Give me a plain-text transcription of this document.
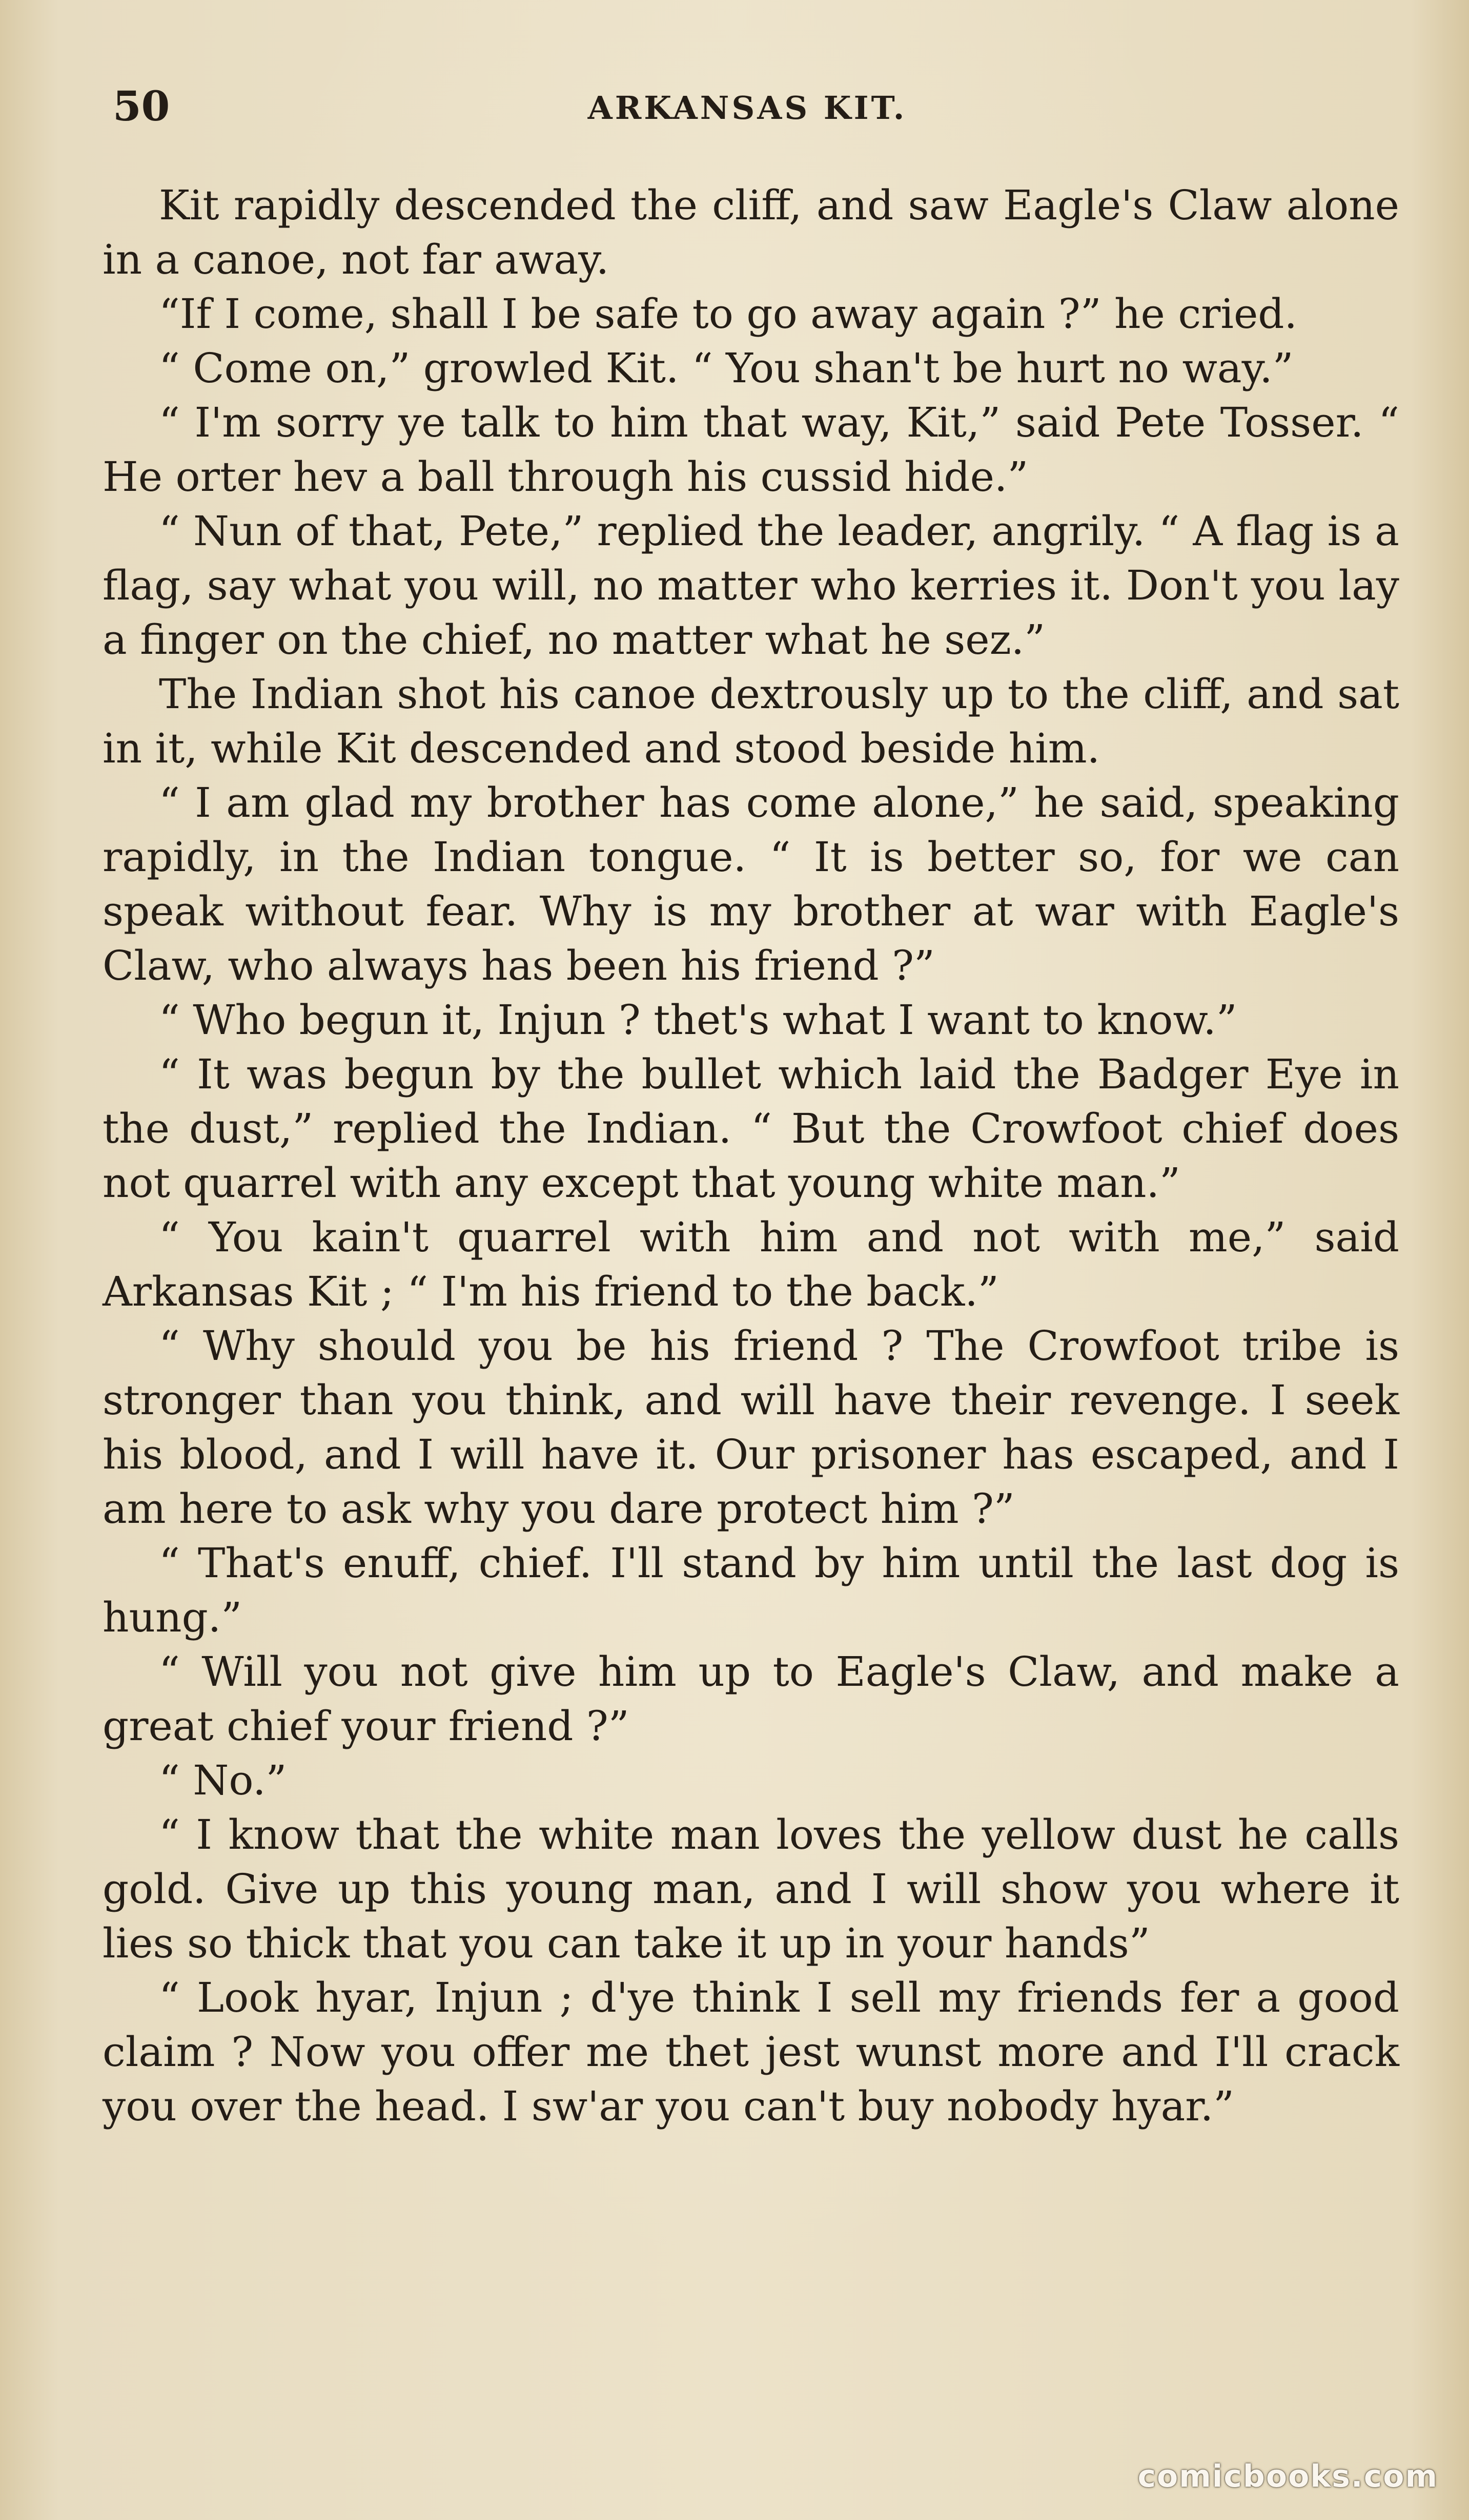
50	ARKANSAS KIT.

Kit rapidly descended the cliff, and saw Eagle's Claw alone in a canoe, not far away.

“If I come, shall I be safe to go away again ?” he cried.

“ Come on,” growled Kit. “ You shan't be hurt no way.”

“ I'm sorry ye talk to him that way, Kit,” said Pete Tosser. “ He orter hev a ball through his cussid hide.”

“ Nun of that, Pete,” replied the leader, angrily. “ A flag is a flag, say what you will, no matter who kerries it. Don't you lay a finger on the chief, no matter what he sez.”

The Indian shot his canoe dextrously up to the cliff, and sat in it, while Kit descended and stood beside him.

“ I am glad my brother has come alone,” he said, speaking rapidly, in the Indian tongue. “ It is better so, for we can speak without fear. Why is my brother at war with Eagle's Claw, who always has been his friend ?”

“ Who begun it, Injun ? thet's what I want to know.”

“ It was begun by the bullet which laid the Badger Eye in the dust,” replied the Indian. “ But the Crowfoot chief does not quarrel with any except that young white man.”

“ You kain't quarrel with him and not with me,” said Arkansas Kit ; “ I'm his friend to the back.”

“ Why should you be his friend ? The Crowfoot tribe is stronger than you think, and will have their revenge. I seek his blood, and I will have it. Our prisoner has escaped, and I am here to ask why you dare protect him ?”

“ That's enuff, chief. I'll stand by him until the last dog is hung.”

“ Will you not give him up to Eagle's Claw, and make a great chief your friend ?”

“ No.”

“ I know that the white man loves the yellow dust he calls gold. Give up this young man, and I will show you where it lies so thick that you can take it up in your hands”

“ Look hyar, Injun ; d'ye think I sell my friends fer a good claim ? Now you offer me thet jest wunst more and I'll crack you over the head. I sw'ar you can't buy nobody hyar.”

comicbooks.com
